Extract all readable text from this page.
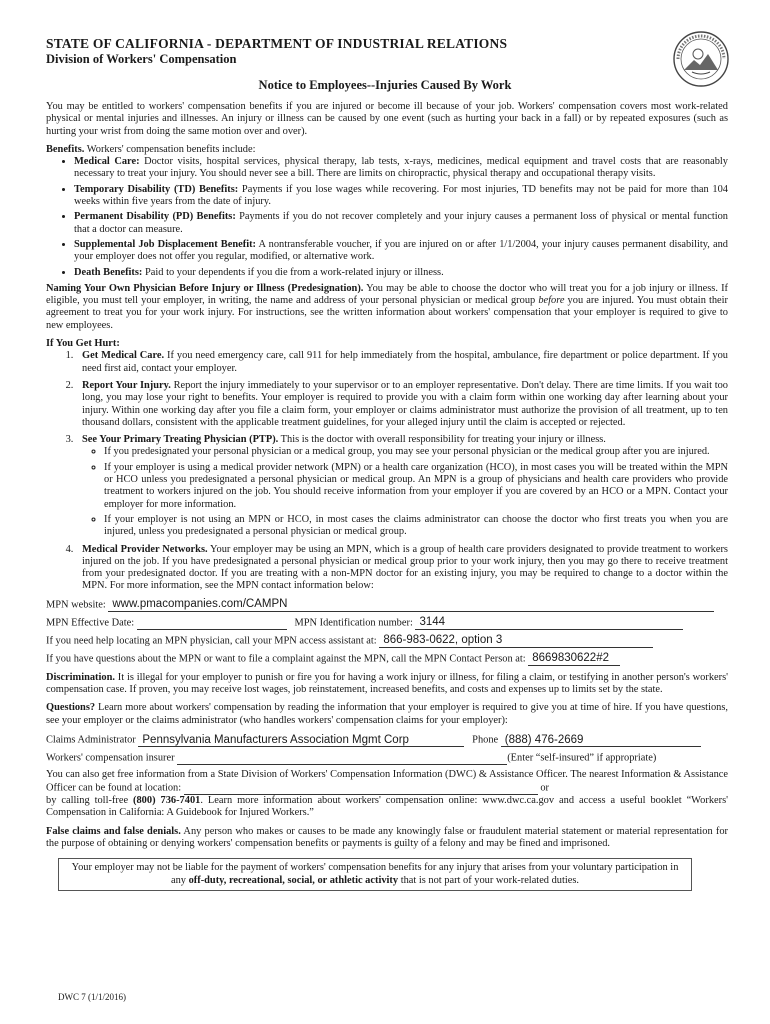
STATE OF CALIFORNIA - DEPARTMENT OF INDUSTRIAL RELATIONS
Division of Workers' Compensation
Notice to Employees--Injuries Caused By Work

You may be entitled to workers' compensation benefits if you are injured or become ill because of your job. Workers' compensation covers most work-related physical or mental injuries and illnesses. An injury or illness can be caused by one event (such as hurting your back in a fall) or by repeated exposures (such as hurting your wrist from doing the same motion over and over).

Benefits. Workers' compensation benefits include:
• Medical Care: Doctor visits, hospital services, physical therapy, lab tests, x-rays, medicines, medical equipment and travel costs that are reasonably necessary to treat your injury. You should never see a bill. There are limits on chiropractic, physical therapy and occupational therapy visits.
• Temporary Disability (TD) Benefits: Payments if you lose wages while recovering. For most injuries, TD benefits may not be paid for more than 104 weeks within five years from the date of injury.
• Permanent Disability (PD) Benefits: Payments if you do not recover completely and your injury causes a permanent loss of physical or mental function that a doctor can measure.
• Supplemental Job Displacement Benefit: A nontransferable voucher, if you are injured on or after 1/1/2004, your injury causes permanent disability, and your employer does not offer you regular, modified, or alternative work.
• Death Benefits: Paid to your dependents if you die from a work-related injury or illness.

Naming Your Own Physician Before Injury or Illness (Predesignation). You may be able to choose the doctor who will treat you for a job injury or illness. If eligible, you must tell your employer, in writing, the name and address of your personal physician or medical group before you are injured. You must obtain their agreement to treat you for your work injury. For instructions, see the written information about workers' compensation that your employer is required to give to new employees.

If You Get Hurt:
1. Get Medical Care. If you need emergency care, call 911 for help immediately from the hospital, ambulance, fire department or police department. If you need first aid, contact your employer.
2. Report Your Injury. Report the injury immediately to your supervisor or to an employer representative. Don't delay. There are time limits. If you wait too long, you may lose your right to benefits. Your employer is required to provide you with a claim form within one working day after learning about your injury. Within one working day after you file a claim form, your employer or claims administrator must authorize the provision of all treatment, up to ten thousand dollars, consistent with the applicable treatment guidelines, for your alleged injury until the claim is accepted or rejected.
3. See Your Primary Treating Physician (PTP). This is the doctor with overall responsibility for treating your injury or illness.
◦ If you predesignated your personal physician or a medical group, you may see your personal physician or the medical group after you are injured.
◦ If your employer is using a medical provider network (MPN) or a health care organization (HCO), in most cases you will be treated within the MPN or HCO unless you predesignated a personal physician or medical group. An MPN is a group of physicians and health care providers who provide treatment to workers injured on the job. You should receive information from your employer if you are covered by an HCO or a MPN. Contact your employer for more information.
◦ If your employer is not using an MPN or HCO, in most cases the claims administrator can choose the doctor who first treats you when you are injured, unless you predesignated a personal physician or medical group.
4. Medical Provider Networks. Your employer may be using an MPN, which is a group of health care providers designated to provide treatment to workers injured on the job. If you have predesignated a personal physician or medical group prior to your work injury, then you may go there to receive treatment from your predesignated doctor. If you are treating with a non-MPN doctor for an existing injury, you may be required to change to a doctor within the MPN. For more information, see the MPN contact information below:
MPN website: www.pmacompanies.com/CAMPN
MPN Effective Date:	MPN Identification number: 3144
If you need help locating an MPN physician, call your MPN access assistant at: 866-983-0622, option 3
If you have questions about the MPN or want to file a complaint against the MPN, call the MPN Contact Person at: 8669830622#2

Discrimination. It is illegal for your employer to punish or fire you for having a work injury or illness, for filing a claim, or testifying in another person's workers' compensation case. If proven, you may receive lost wages, job reinstatement, increased benefits, and costs and expenses up to limits set by the state.

Questions? Learn more about workers' compensation by reading the information that your employer is required to give you at time of hire. If you have questions, see your employer or the claims administrator (who handles workers' compensation claims for your employer):

Claims Administrator Pennsylvania Manufacturers Association Mgmt Corp	Phone (888) 476-2669
Workers' compensation insurer	(Enter “self-insured” if appropriate)

You can also get free information from a State Division of Workers' Compensation Information (DWC) & Assistance Officer. The nearest Information & Assistance Officer can be found at location:	or
by calling toll-free (800) 736-7401. Learn more information about workers' compensation online: www.dwc.ca.gov and access a useful booklet “Workers' Compensation in California: A Guidebook for Injured Workers.”

False claims and false denials. Any person who makes or causes to be made any knowingly false or fraudulent material statement or material representation for the purpose of obtaining or denying workers' compensation benefits or payments is guilty of a felony and may be fined and imprisoned.

Your employer may not be liable for the payment of workers' compensation benefits for any injury that arises from your voluntary participation in any off-duty, recreational, social, or athletic activity that is not part of your work-related duties.
DWC 7 (1/1/2016)
